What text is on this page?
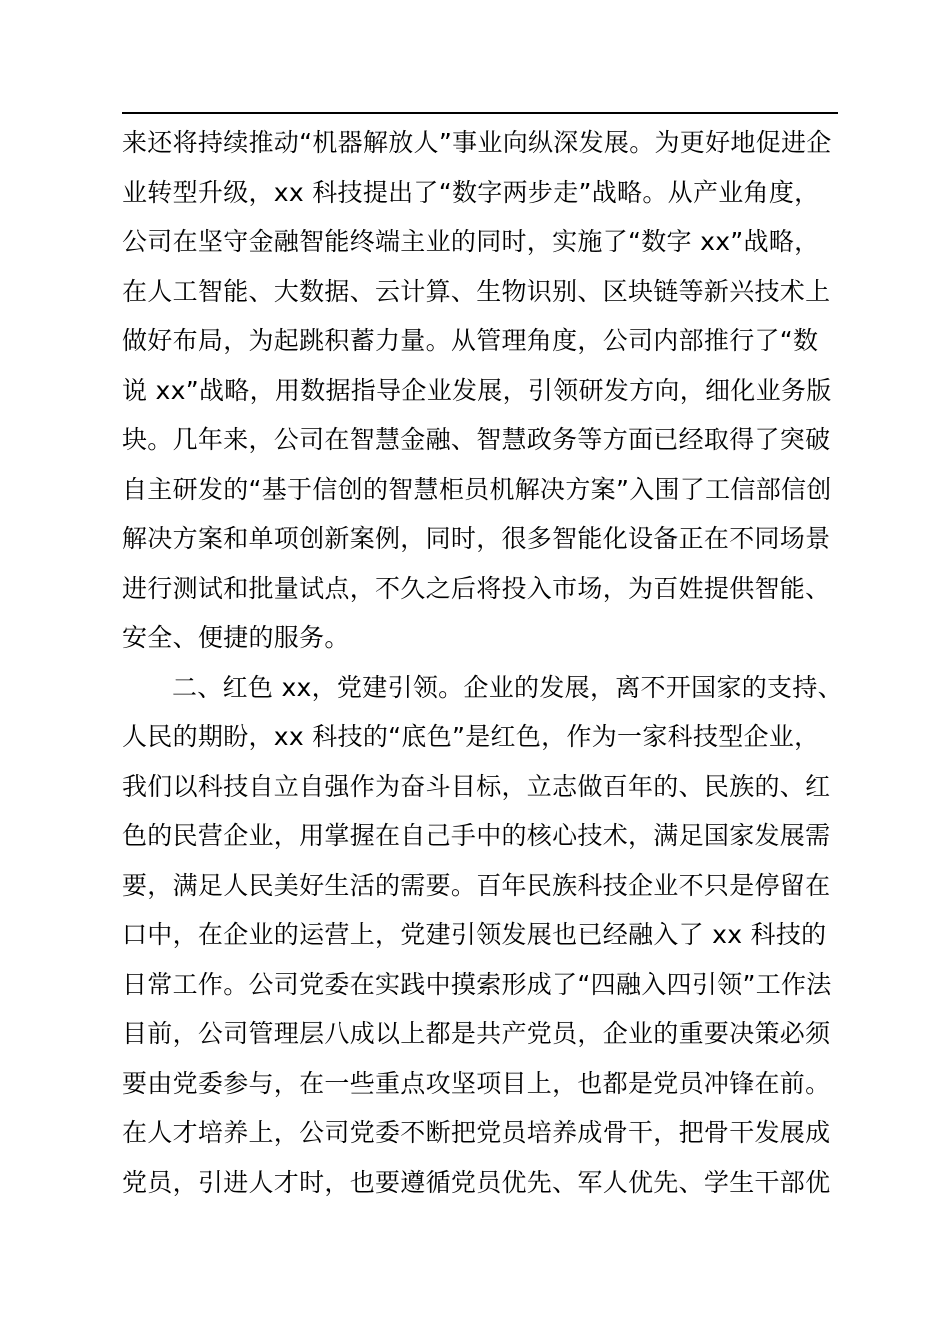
来还将持续推动“机器解放人”事业向纵深发展。为更好地促进企
业转型升级，xx 科技提出了“数字两步走”战略。从产业角度，
公司在坚守金融智能终端主业的同时，实施了“数字 xx”战略，
在人工智能、大数据、云计算、生物识别、区块链等新兴技术上
做好布局，为起跳积蓄力量。从管理角度，公司内部推行了“数
说 xx”战略，用数据指导企业发展，引领研发方向，细化业务版
块。几年来，公司在智慧金融、智慧政务等方面已经取得了突破
自主研发的“基于信创的智慧柜员机解决方案”入围了工信部信创
解决方案和单项创新案例，同时，很多智能化设备正在不同场景
进行测试和批量试点，不久之后将投入市场，为百姓提供智能、
安全、便捷的服务。
二、红色 xx，党建引领。企业的发展，离不开国家的支持、
人民的期盼，xx 科技的“底色”是红色，作为一家科技型企业，
我们以科技自立自强作为奋斗目标，立志做百年的、民族的、红
色的民营企业，用掌握在自己手中的核心技术，满足国家发展需
要，满足人民美好生活的需要。百年民族科技企业不只是停留在
口中，在企业的运营上，党建引领发展也已经融入了 xx 科技的
日常工作。公司党委在实践中摸索形成了“四融入四引领”工作法
目前，公司管理层八成以上都是共产党员，企业的重要决策必须
要由党委参与，在一些重点攻坚项目上，也都是党员冲锋在前。
在人才培养上，公司党委不断把党员培养成骨干，把骨干发展成
党员，引进人才时，也要遵循党员优先、军人优先、学生干部优
